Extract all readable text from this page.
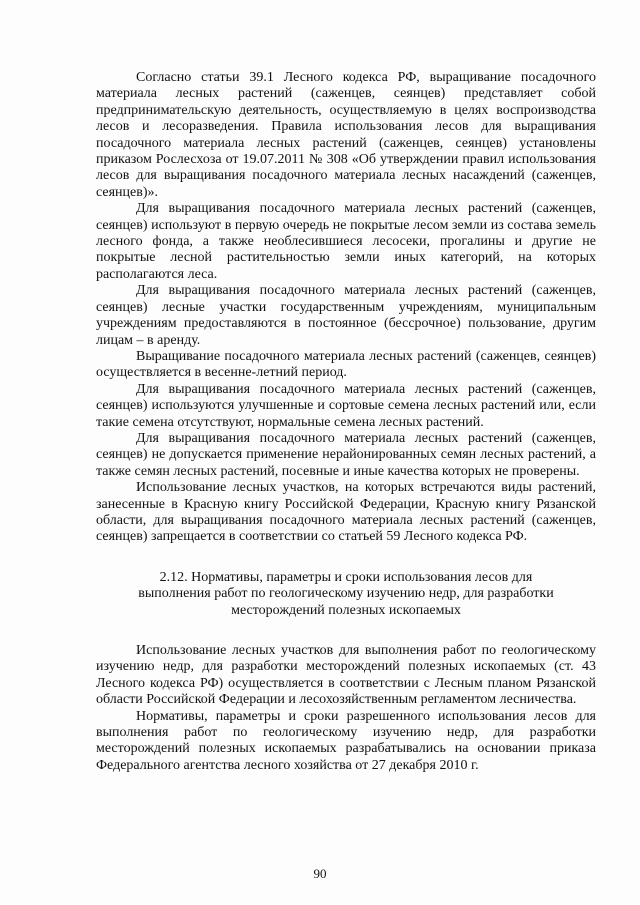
Согласно статьи 39.1 Лесного кодекса РФ, выращивание посадочного материала лесных растений (саженцев, сеянцев) представляет собой предпринимательскую деятельность, осуществляемую в целях воспроизводства лесов и лесоразведения. Правила использования лесов для выращивания посадочного материала лесных растений (саженцев, сеянцев) установлены приказом Рослесхоза от 19.07.2011 № 308 «Об утверждении правил использования лесов для выращивания посадочного материала лесных насаждений (саженцев, сеянцев)».

Для выращивания посадочного материала лесных растений (саженцев, сеянцев) используют в первую очередь не покрытые лесом земли из состава земель лесного фонда, а также необлесившиеся лесосеки, прогалины и другие не покрытые лесной растительностью земли иных категорий, на которых располагаются леса.

Для выращивания посадочного материала лесных растений (саженцев, сеянцев) лесные участки государственным учреждениям, муниципальным учреждениям предоставляются в постоянное (бессрочное) пользование, другим лицам – в аренду.

Выращивание посадочного материала лесных растений (саженцев, сеянцев) осуществляется в весенне-летний период.

Для выращивания посадочного материала лесных растений (саженцев, сеянцев) используются улучшенные и сортовые семена лесных растений или, если такие семена отсутствуют, нормальные семена лесных растений.

Для выращивания посадочного материала лесных растений (саженцев, сеянцев) не допускается применение нерайонированных семян лесных растений, а также семян лесных растений, посевные и иные качества которых не проверены.

Использование лесных участков, на которых встречаются виды растений, занесенные в Красную книгу Российской Федерации, Красную книгу Рязанской области, для выращивания посадочного материала лесных растений (саженцев, сеянцев) запрещается в соответствии со статьей 59 Лесного кодекса РФ.

2.12. Нормативы, параметры и сроки использования лесов для
выполнения работ по геологическому изучению недр, для разработки
месторождений полезных ископаемых

Использование лесных участков для выполнения работ по геологическому изучению недр, для разработки месторождений полезных ископаемых (ст. 43 Лесного кодекса РФ) осуществляется в соответствии с Лесным планом Рязанской области Российской Федерации и лесохозяйственным регламентом лесничества.

Нормативы, параметры и сроки разрешенного использования лесов для выполнения работ по геологическому изучению недр, для разработки месторождений полезных ископаемых разрабатывались на основании приказа Федерального агентства лесного хозяйства от 27 декабря 2010 г.

90
